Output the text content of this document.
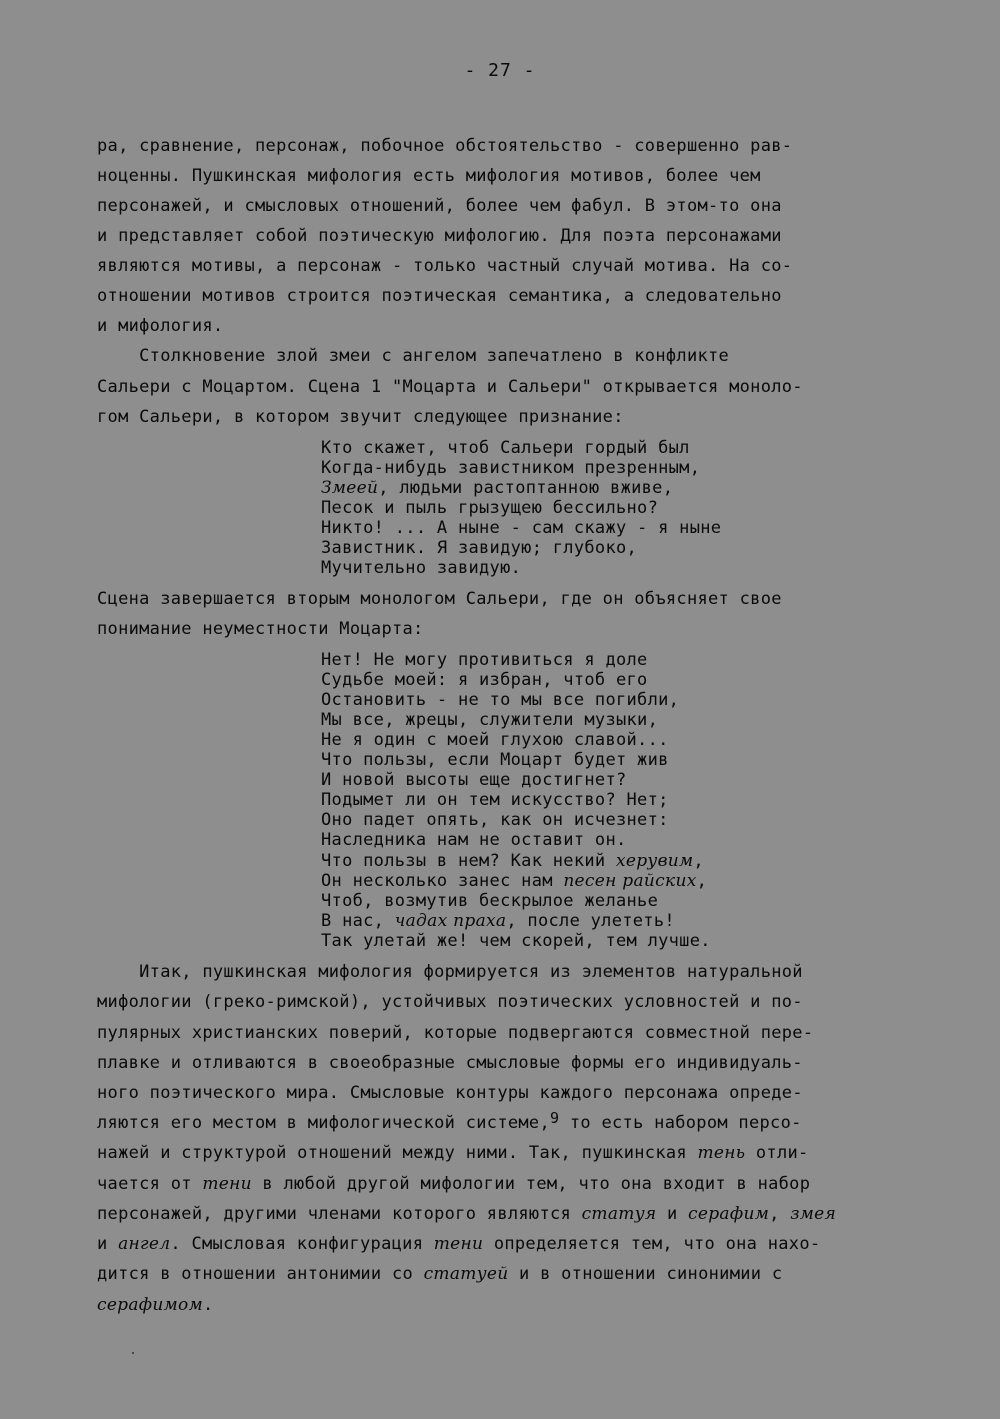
- 27 -
ра, сравнение, персонаж, побочное обстоятельство - совершенно рав-
ноценны. Пушкинская мифология есть мифология мотивов, более чем
персонажей, и смысловых отношений, более чем фабул. В этом-то она
и представляет собой поэтическую мифологию. Для поэта персонажами
являются мотивы, а персонаж - только частный случай мотива. На со-
отношении мотивов строится поэтическая семантика, а следовательно
и мифология.
Столкновение злой змеи с ангелом запечатлено в конфликте
Сальери с Моцартом. Сцена 1 "Моцарта и Сальери" открывается моноло-
гом Сальери, в котором звучит следующее признание:
Кто скажет, чтоб Сальери гордый был
Когда-нибудь завистником презренным,
Змеей, людьми растоптанною вживе,
Песок и пыль грызущею бессильно?
Никто! ... А ныне - сам скажу - я ныне
Завистник. Я завидую; глубоко,
Мучительно завидую.
Сцена завершается вторым монологом Сальери, где он объясняет свое
понимание неуместности Моцарта:
Нет! Не могу противиться я доле
Судьбе моей: я избран, чтоб его
Остановить - не то мы все погибли,
Мы все, жрецы, служители музыки,
Не я один с моей глухою славой...
Что пользы, если Моцарт будет жив
И новой высоты еще достигнет?
Подымет ли он тем искусство? Нет;
Оно падет опять, как он исчезнет:
Наследника нам не оставит он.
Что пользы в нем? Как некий херувим,
Он несколько занес нам песен райских,
Чтоб, возмутив бескрылое желанье
В нас, чадах праха, после улететь!
Так улетай же! чем скорей, тем лучше.
Итак, пушкинская мифология формируется из элементов натуральной
мифологии (греко-римской), устойчивых поэтических условностей и по-
пулярных христианских поверий, которые подвергаются совместной пере-
плавке и отливаются в своеобразные смысловые формы его индивидуаль-
ного поэтического мира. Смысловые контуры каждого персонажа опреде-
ляются его местом в мифологической системе,$^9$ то есть набором персо-
нажей и структурой отношений между ними. Так, пушкинская тень отли-
чается от тени в любой другой мифологии тем, что она входит в набор
персонажей, другими членами которого являются статуя и серафим, змея
и ангел. Смысловая конфигурация тени определяется тем, что она нахо-
дится в отношении антонимии со статуей и в отношении синонимии с
серафимом.
